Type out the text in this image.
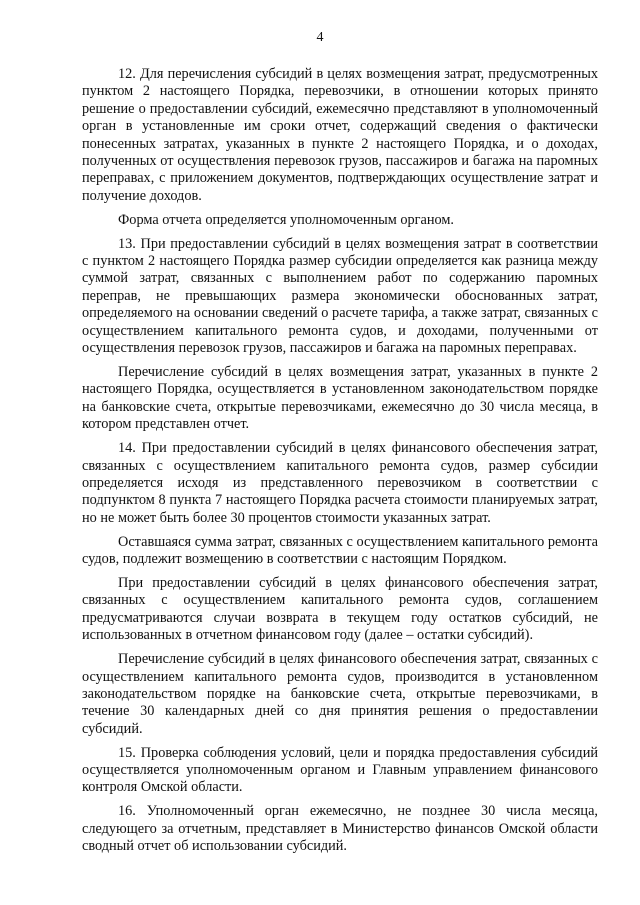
4

12. Для перечисления субсидий в целях возмещения затрат, предусмотренных пунктом 2 настоящего Порядка, перевозчики, в отношении которых принято решение о предоставлении субсидий, ежемесячно представляют в уполномоченный орган в установленные им сроки отчет, содержащий сведения о фактически понесенных затратах, указанных в пункте 2 настоящего Порядка, и о доходах, полученных от осуществления перевозок грузов, пассажиров и багажа на паромных переправах, с приложением документов, подтверждающих осуществление затрат и получение доходов.

Форма отчета определяется уполномоченным органом.

13. При предоставлении субсидий в целях возмещения затрат в соответствии с пунктом 2 настоящего Порядка размер субсидии определяется как разница между суммой затрат, связанных с выполнением работ по содержанию паромных переправ, не превышающих размера экономически обоснованных затрат, определяемого на основании сведений о расчете тарифа, а также затрат, связанных с осуществлением капитального ремонта судов, и доходами, полученными от осуществления перевозок грузов, пассажиров и багажа на паромных переправах.

Перечисление субсидий в целях возмещения затрат, указанных в пункте 2 настоящего Порядка, осуществляется в установленном законодательством порядке на банковские счета, открытые перевозчиками, ежемесячно до 30 числа месяца, в котором представлен отчет.

14. При предоставлении субсидий в целях финансового обеспечения затрат, связанных с осуществлением капитального ремонта судов, размер субсидии определяется исходя из представленного перевозчиком в соответствии с подпунктом 8 пункта 7 настоящего Порядка расчета стоимости планируемых затрат, но не может быть более 30 процентов стоимости указанных затрат.

Оставшаяся сумма затрат, связанных с осуществлением капитального ремонта судов, подлежит возмещению в соответствии с настоящим Порядком.

При предоставлении субсидий в целях финансового обеспечения затрат, связанных с осуществлением капитального ремонта судов, соглашением предусматриваются случаи возврата в текущем году остатков субсидий, не использованных в отчетном финансовом году (далее – остатки субсидий).

Перечисление субсидий в целях финансового обеспечения затрат, связанных с осуществлением капитального ремонта судов, производится в установленном законодательством порядке на банковские счета, открытые перевозчиками, в течение 30 календарных дней со дня принятия решения о предоставлении субсидий.

15. Проверка соблюдения условий, цели и порядка предоставления субсидий осуществляется уполномоченным органом и Главным управлением финансового контроля Омской области.

16. Уполномоченный орган ежемесячно, не позднее 30 числа месяца, следующего за отчетным, представляет в Министерство финансов Омской области сводный отчет об использовании субсидий.
